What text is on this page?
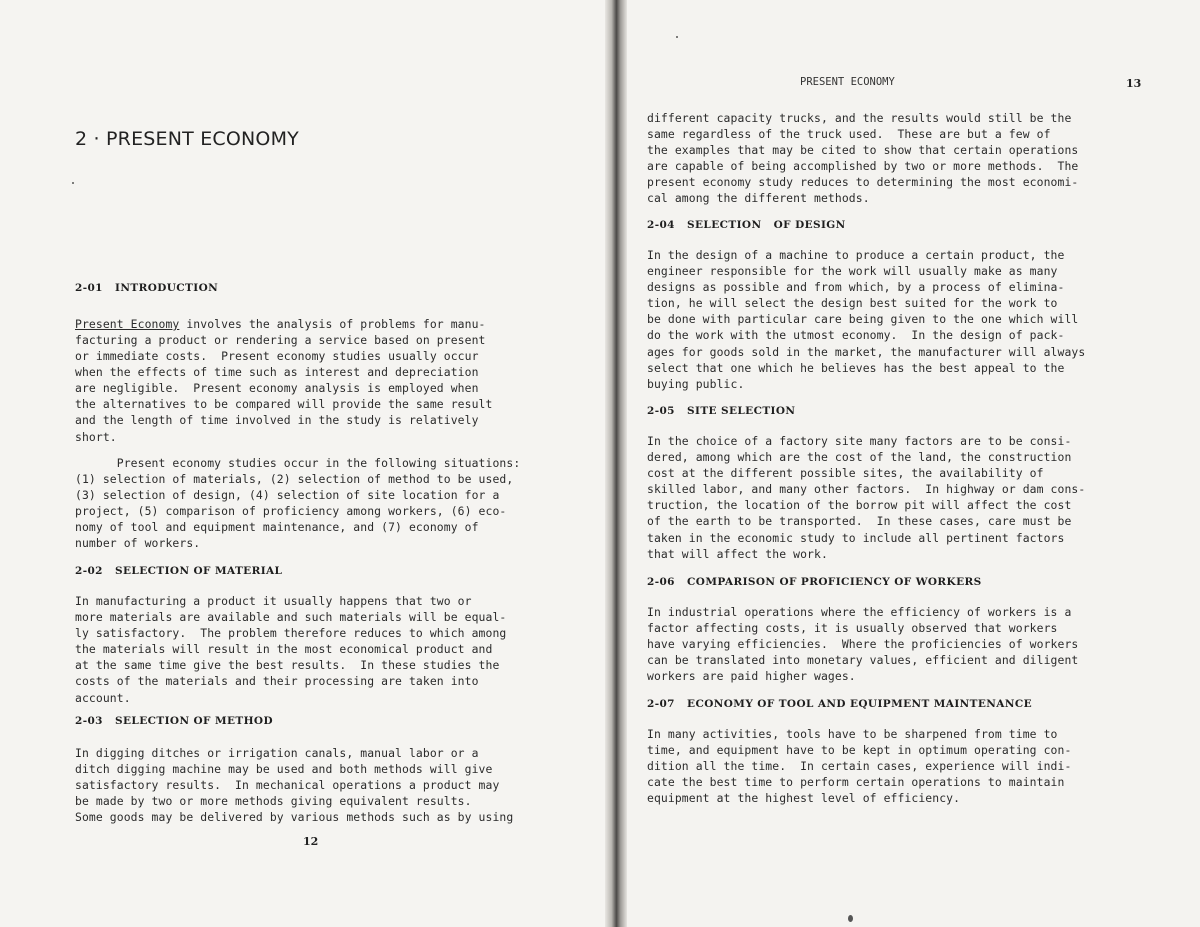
2 · PRESENT ECONOMY
2-01   INTRODUCTION
Present Economy involves the analysis of problems for manu-
facturing a product or rendering a service based on present
or immediate costs.  Present economy studies usually occur
when the effects of time such as interest and depreciation
are negligible.  Present economy analysis is employed when
the alternatives to be compared will provide the same result
and the length of time involved in the study is relatively
short.
Present economy studies occur in the following situations:
(1) selection of materials, (2) selection of method to be used,
(3) selection of design, (4) selection of site location for a
project, (5) comparison of proficiency among workers, (6) eco-
nomy of tool and equipment maintenance, and (7) economy of
number of workers.
2-02   SELECTION OF MATERIAL
In manufacturing a product it usually happens that two or
more materials are available and such materials will be equal-
ly satisfactory.  The problem therefore reduces to which among
the materials will result in the most economical product and
at the same time give the best results.  In these studies the
costs of the materials and their processing are taken into
account.
2-03   SELECTION OF METHOD
In digging ditches or irrigation canals, manual labor or a
ditch digging machine may be used and both methods will give
satisfactory results.  In mechanical operations a product may
be made by two or more methods giving equivalent results.
Some goods may be delivered by various methods such as by using
12
PRESENT ECONOMY	13
different capacity trucks, and the results would still be the
same regardless of the truck used.  These are but a few of
the examples that may be cited to show that certain operations
are capable of being accomplished by two or more methods.  The
present economy study reduces to determining the most economi-
cal among the different methods.
2-04   SELECTION   OF DESIGN
In the design of a machine to produce a certain product, the
engineer responsible for the work will usually make as many
designs as possible and from which, by a process of elimina-
tion, he will select the design best suited for the work to
be done with particular care being given to the one which will
do the work with the utmost economy.  In the design of pack-
ages for goods sold in the market, the manufacturer will always
select that one which he believes has the best appeal to the
buying public.
2-05   SITE SELECTION
In the choice of a factory site many factors are to be consi-
dered, among which are the cost of the land, the construction
cost at the different possible sites, the availability of
skilled labor, and many other factors.  In highway or dam cons-
truction, the location of the borrow pit will affect the cost
of the earth to be transported.  In these cases, care must be
taken in the economic study to include all pertinent factors
that will affect the work.
2-06   COMPARISON OF PROFICIENCY OF WORKERS
In industrial operations where the efficiency of workers is a
factor affecting costs, it is usually observed that workers
have varying efficiencies.  Where the proficiencies of workers
can be translated into monetary values, efficient and diligent
workers are paid higher wages.
2-07   ECONOMY OF TOOL AND EQUIPMENT MAINTENANCE
In many activities, tools have to be sharpened from time to
time, and equipment have to be kept in optimum operating con-
dition all the time.  In certain cases, experience will indi-
cate the best time to perform certain operations to maintain
equipment at the highest level of efficiency.
